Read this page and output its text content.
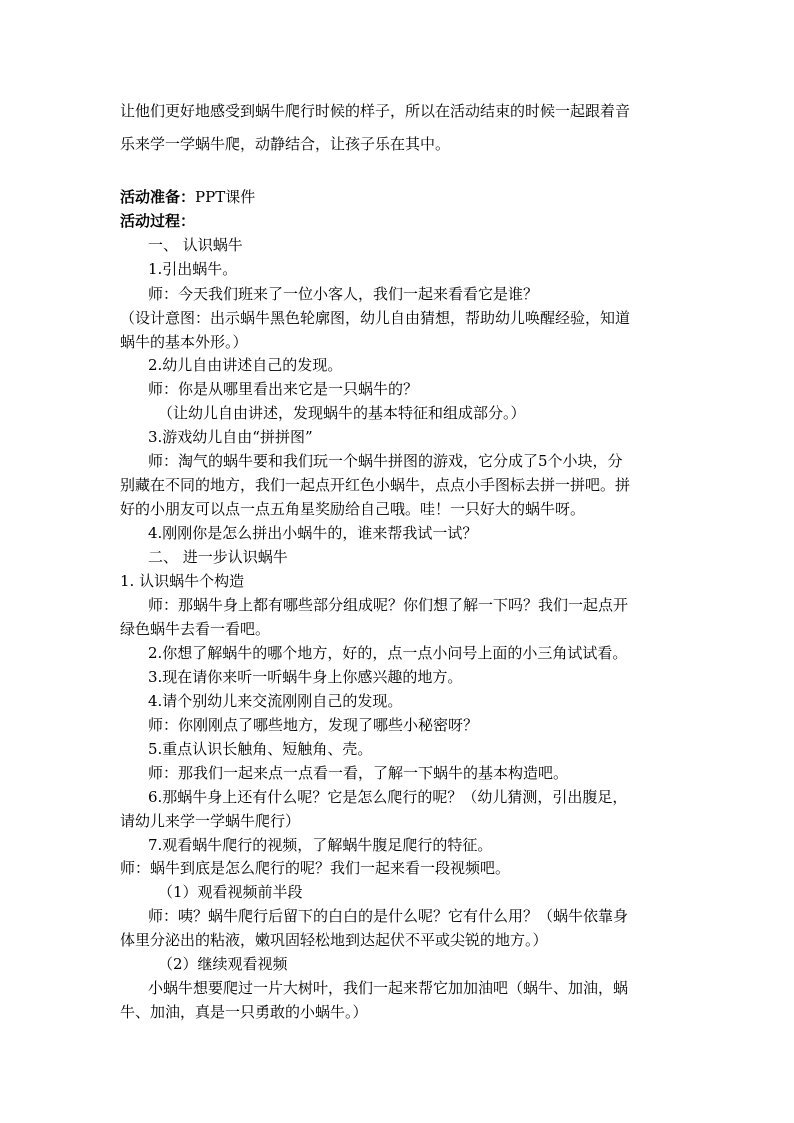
让他们更好地感受到蜗牛爬行时候的样子，所以在活动结束的时候一起跟着音
乐来学一学蜗牛爬，动静结合，让孩子乐在其中。
活动准备：PPT课件
活动过程：
一、 认识蜗牛
1.引出蜗牛。
师：今天我们班来了一位小客人，我们一起来看看它是谁？
（设计意图：出示蜗牛黑色轮廓图，幼儿自由猜想，帮助幼儿唤醒经验，知道
蜗牛的基本外形。）
2.幼儿自由讲述自己的发现。
师：你是从哪里看出来它是一只蜗牛的？
（让幼儿自由讲述，发现蜗牛的基本特征和组成部分。）
3.游戏幼儿自由“拼拼图”
师：淘气的蜗牛要和我们玩一个蜗牛拼图的游戏，它分成了5个小块，分
别藏在不同的地方，我们一起点开红色小蜗牛，点点小手图标去拼一拼吧。拼
好的小朋友可以点一点五角星奖励给自己哦。哇！一只好大的蜗牛呀。
4.刚刚你是怎么拼出小蜗牛的，谁来帮我试一试？
二、 进一步认识蜗牛
1. 认识蜗牛个构造
师：那蜗牛身上都有哪些部分组成呢？你们想了解一下吗？我们一起点开
绿色蜗牛去看一看吧。
2.你想了解蜗牛的哪个地方，好的，点一点小问号上面的小三角试试看。
3.现在请你来听一听蜗牛身上你感兴趣的地方。
4.请个别幼儿来交流刚刚自己的发现。
师：你刚刚点了哪些地方，发现了哪些小秘密呀？
5.重点认识长触角、短触角、壳。
师：那我们一起来点一点看一看，了解一下蜗牛的基本构造吧。
6.那蜗牛身上还有什么呢？它是怎么爬行的呢？（幼儿猜测，引出腹足，
请幼儿来学一学蜗牛爬行）
7.观看蜗牛爬行的视频，了解蜗牛腹足爬行的特征。
师：蜗牛到底是怎么爬行的呢？我们一起来看一段视频吧。
（1）观看视频前半段
师：咦？蜗牛爬行后留下的白白的是什么呢？它有什么用？（蜗牛依靠身
体里分泌出的粘液，嫩巩固轻松地到达起伏不平或尖锐的地方。）
（2）继续观看视频
小蜗牛想要爬过一片大树叶，我们一起来帮它加加油吧（蜗牛、加油，蜗
牛、加油，真是一只勇敢的小蜗牛。）
